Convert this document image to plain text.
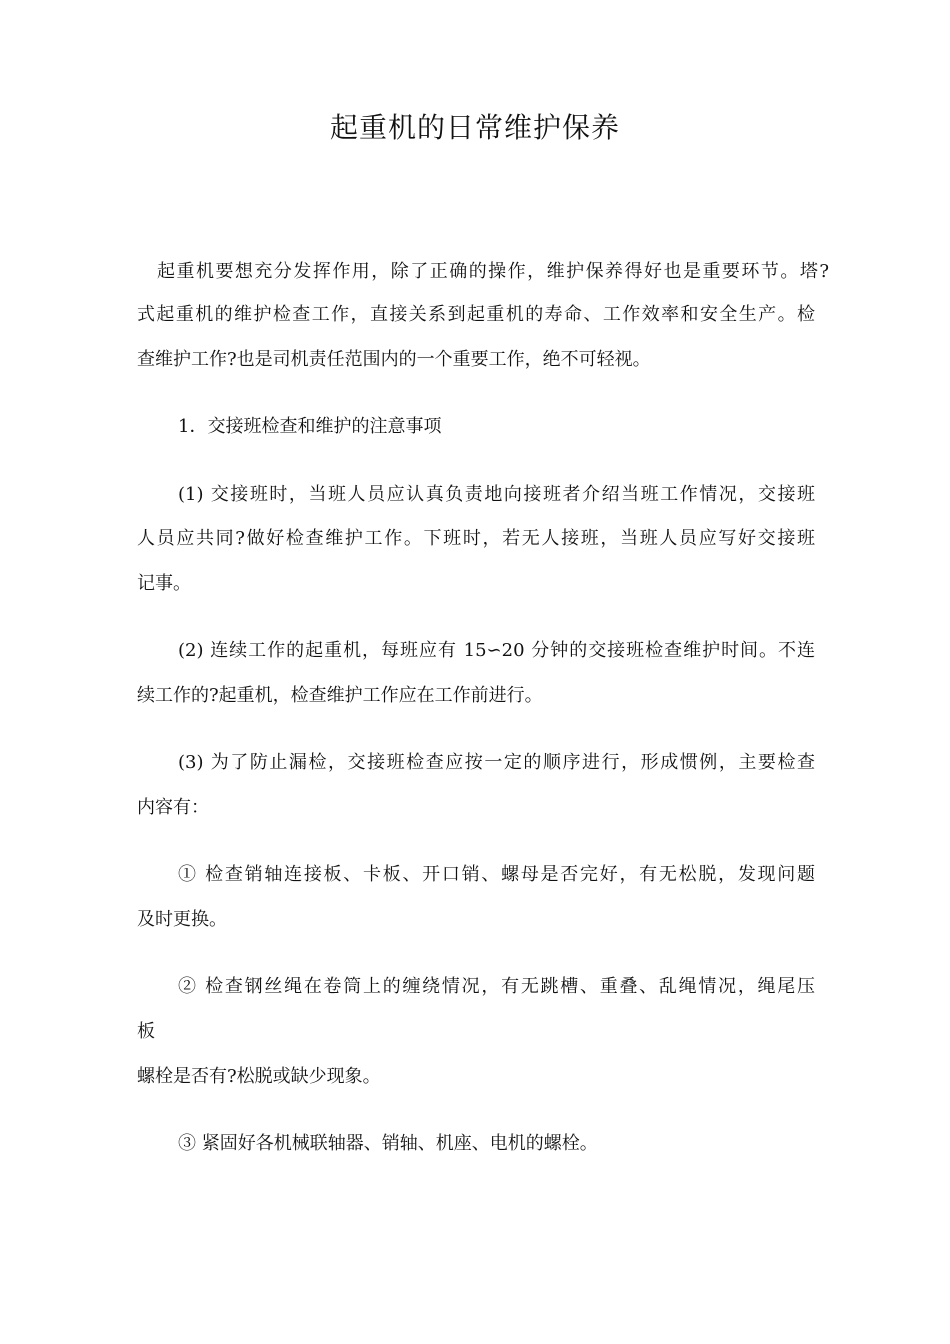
起重机的日常维护保养

起重机要想充分发挥作用，除了正确的操作，维护保养得好也是重要环节。塔?

式起重机的维护检查工作，直接关系到起重机的寿命、工作效率和安全生产。检

查维护工作?也是司机责任范围内的一个重要工作，绝不可轻视。

1．交接班检查和维护的注意事项

(1) 交接班时，当班人员应认真负责地向接班者介绍当班工作情况，交接班

人员应共同?做好检查维护工作。下班时，若无人接班，当班人员应写好交接班

记事。

(2) 连续工作的起重机，每班应有 15∽20 分钟的交接班检查维护时间。不连

续工作的?起重机，检查维护工作应在工作前进行。

(3) 为了防止漏检，交接班检查应按一定的顺序进行，形成惯例，主要检查

内容有：

① 检查销轴连接板、卡板、开口销、螺母是否完好，有无松脱，发现问题

及时更换。

② 检查钢丝绳在卷筒上的缠绕情况，有无跳槽、重叠、乱绳情况，绳尾压

板

螺栓是否有?松脱或缺少现象。

③ 紧固好各机械联轴器、销轴、机座、电机的螺栓。
